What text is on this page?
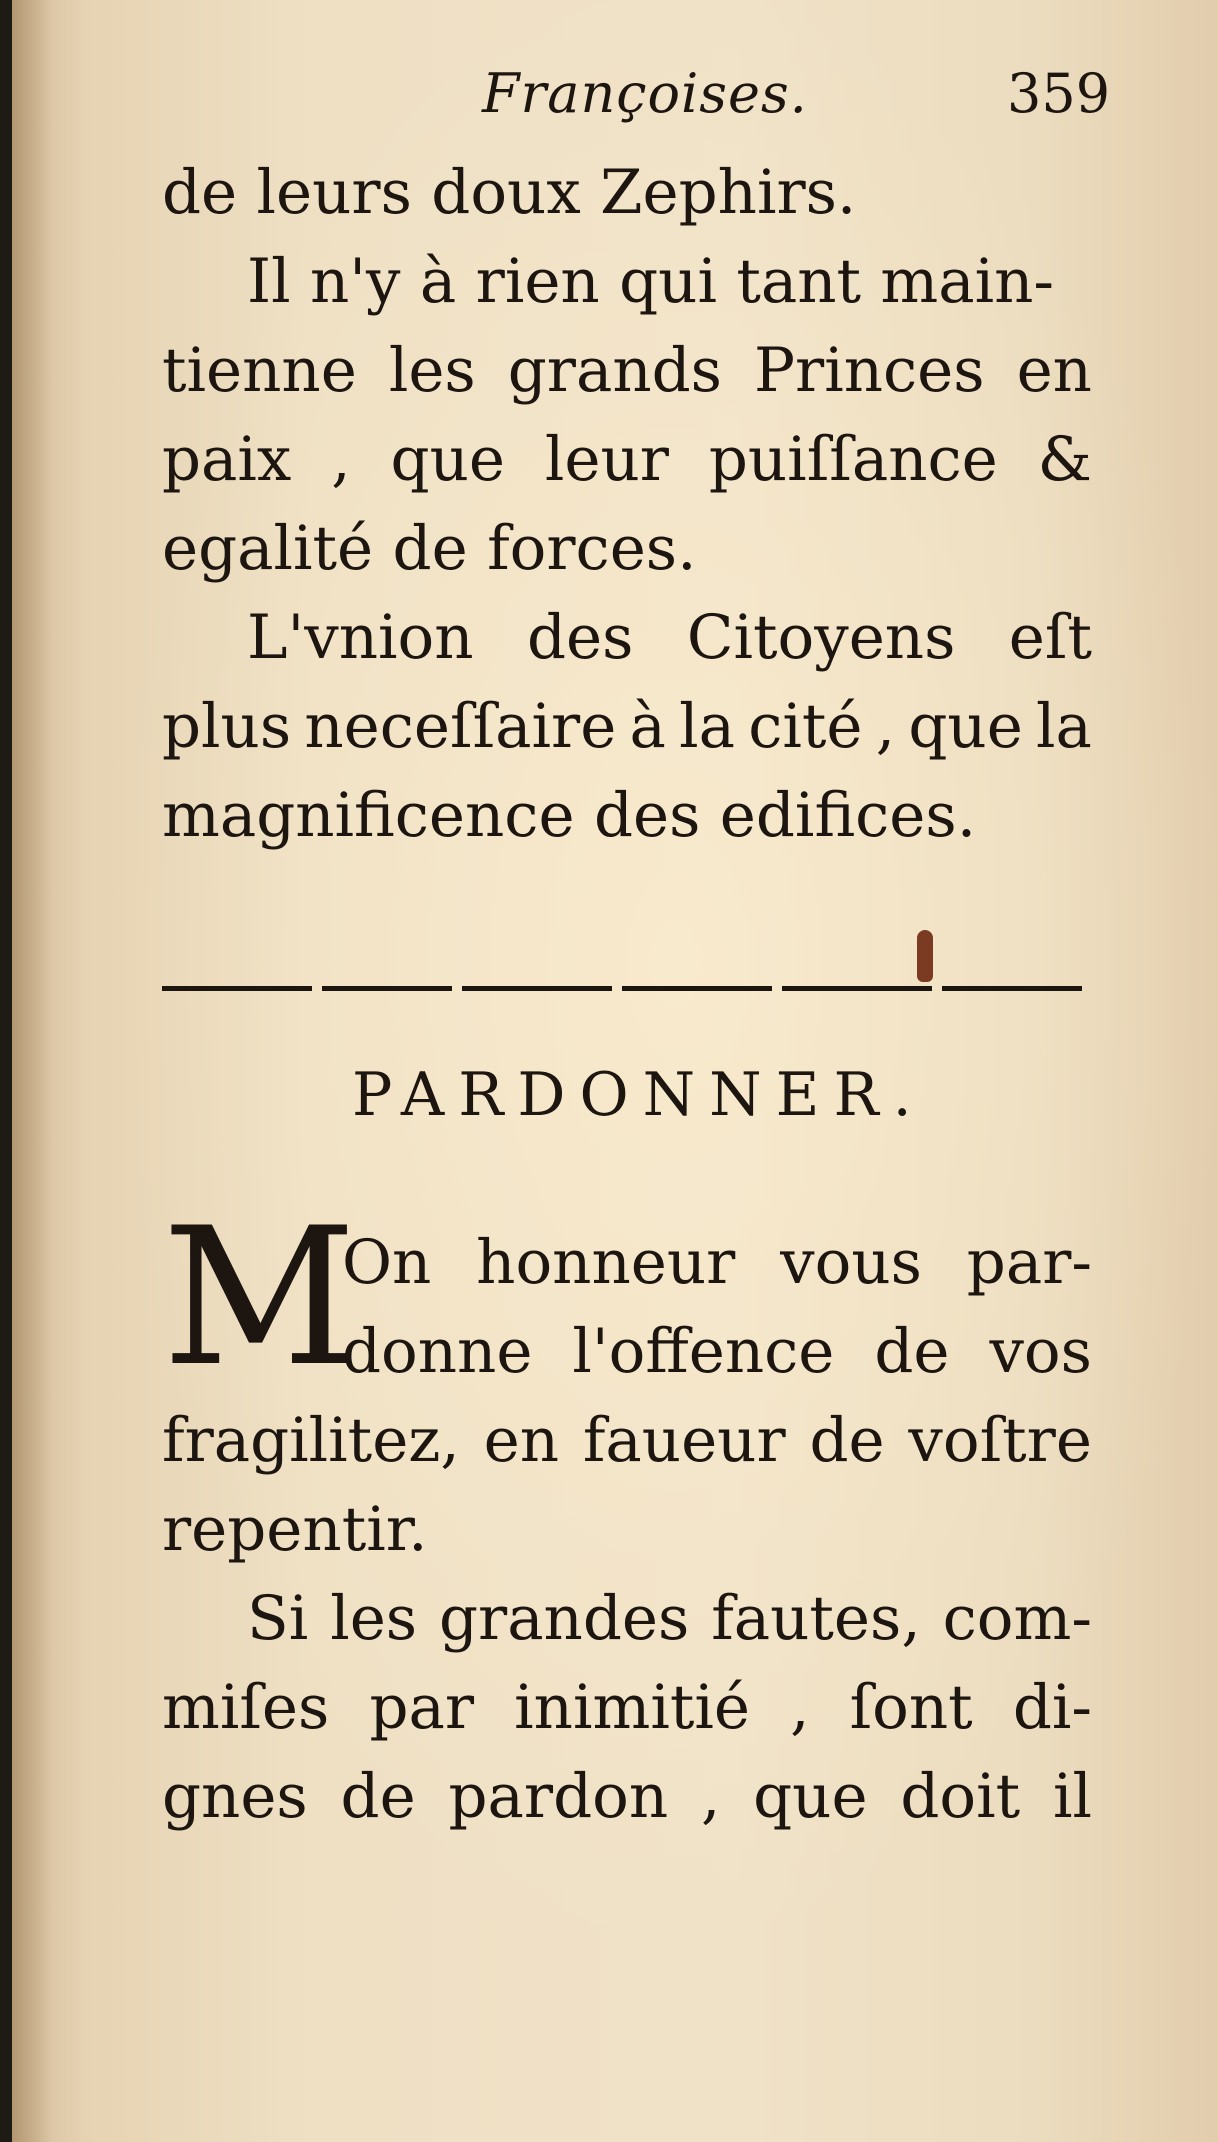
Françoises.	359
de leurs doux Zephirs.
Il n'y à rien qui tant main-
tienne les grands Princes en
paix , que leur puiſſance &
egalité de forces.
L'vnion des Citoyens eſt
plus neceſſaire à la cité , que la
magnificence des edifices.
PARDONNER.
M
On honneur vous par-
donne l'offence de vos
fragilitez, en faueur de voſtre
repentir.
Si les grandes fautes, com-
miſes par inimitié , ſont di-
gnes de pardon , que doit il
